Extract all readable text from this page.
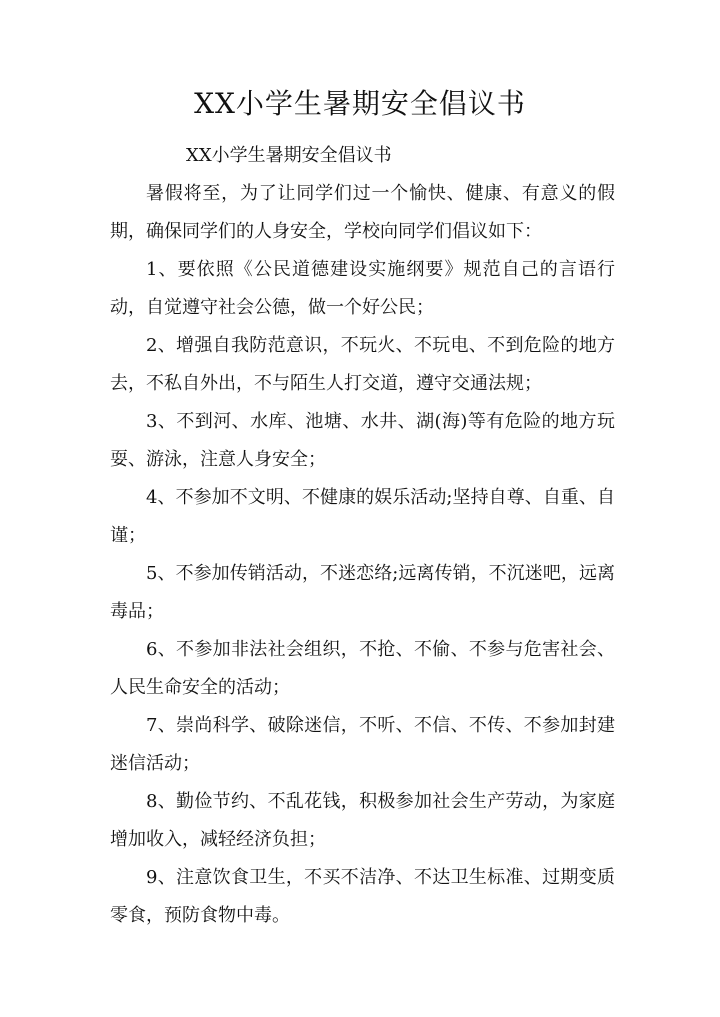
XX小学生暑期安全倡议书
XX小学生暑期安全倡议书

暑假将至，为了让同学们过一个愉快、健康、有意义的假期，确保同学们的人身安全，学校向同学们倡议如下：

1、要依照《公民道德建设实施纲要》规范自己的言语行动，自觉遵守社会公德，做一个好公民；

2、增强自我防范意识，不玩火、不玩电、不到危险的地方去，不私自外出，不与陌生人打交道，遵守交通法规；

3、不到河、水库、池塘、水井、湖(海)等有危险的地方玩耍、游泳，注意人身安全；

4、不参加不文明、不健康的娱乐活动;坚持自尊、自重、自谨；

5、不参加传销活动，不迷恋络;远离传销，不沉迷吧，远离毒品；

6、不参加非法社会组织，不抢、不偷、不参与危害社会、人民生命安全的活动；

7、崇尚科学、破除迷信，不听、不信、不传、不参加封建迷信活动；

8、勤俭节约、不乱花钱，积极参加社会生产劳动，为家庭增加收入，减轻经济负担；

9、注意饮食卫生，不买不洁净、不达卫生标准、过期变质零食，预防食物中毒。
